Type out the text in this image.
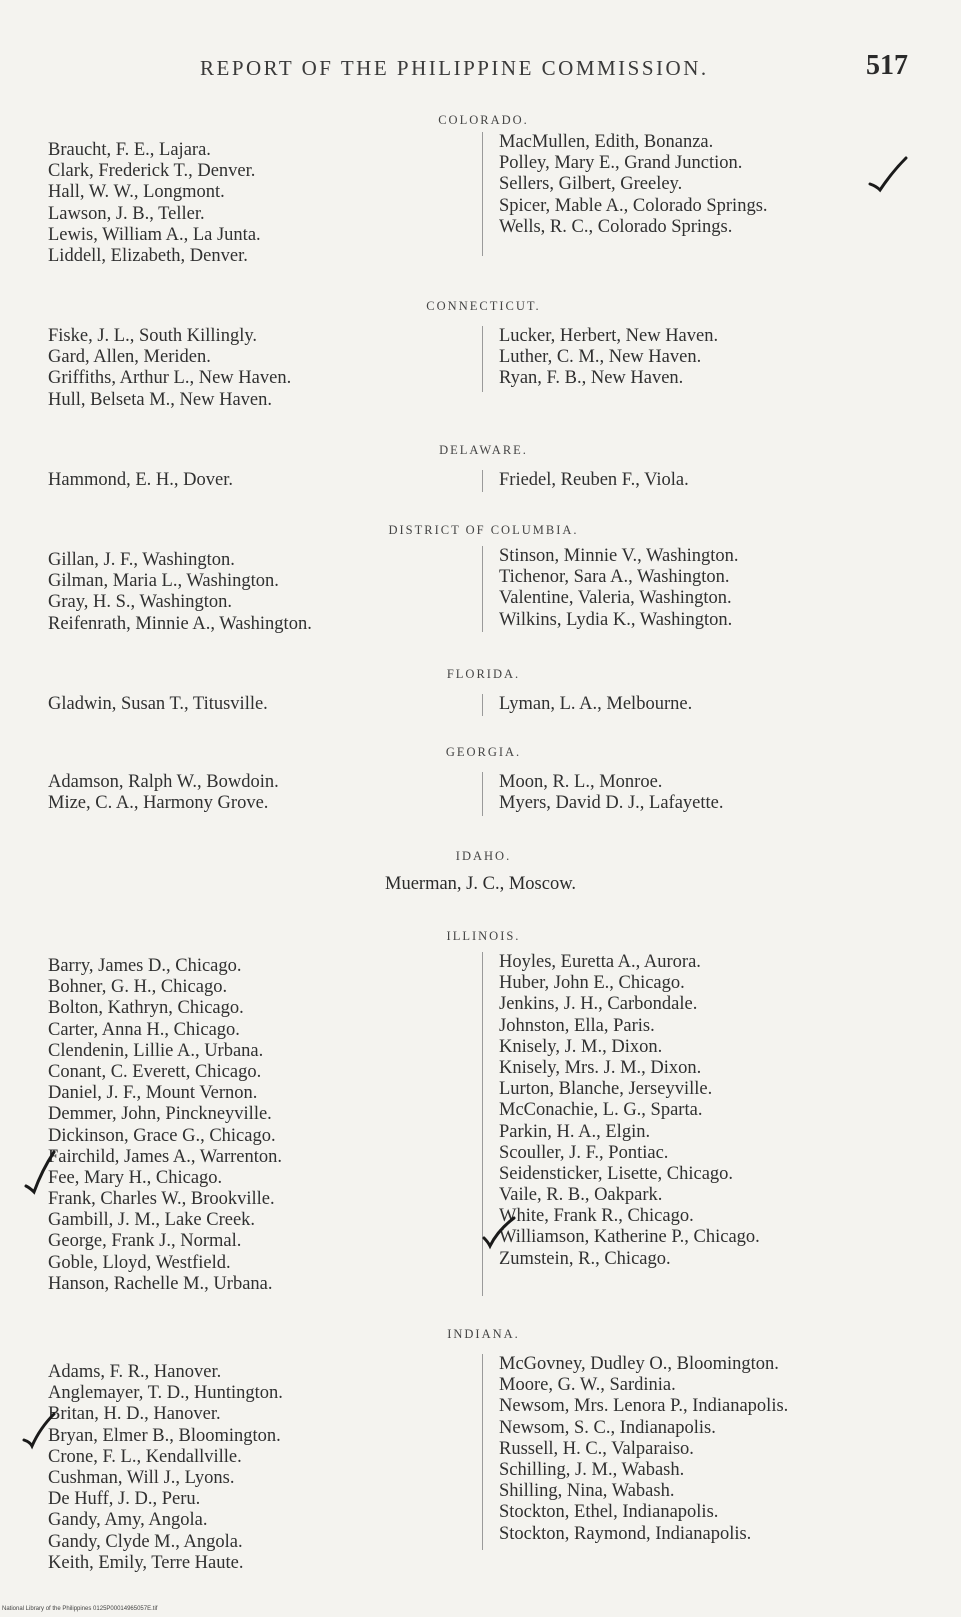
REPORT OF THE PHILIPPINE COMMISSION.	517
COLORADO.
Braucht, F. E., Lajara.
Clark, Frederick T., Denver.
Hall, W. W., Longmont.
Lawson, J. B., Teller.
Lewis, William A., La Junta.
Liddell, Elizabeth, Denver.
MacMullen, Edith, Bonanza.
Polley, Mary E., Grand Junction.
Sellers, Gilbert, Greeley.
Spicer, Mable A., Colorado Springs.
Wells, R. C., Colorado Springs.
CONNECTICUT.
Fiske, J. L., South Killingly.
Gard, Allen, Meriden.
Griffiths, Arthur L., New Haven.
Hull, Belseta M., New Haven.
Lucker, Herbert, New Haven.
Luther, C. M., New Haven.
Ryan, F. B., New Haven.
DELAWARE.
Hammond, E. H., Dover.	Friedel, Reuben F., Viola.
DISTRICT OF COLUMBIA.
Gillan, J. F., Washington.
Gilman, Maria L., Washington.
Gray, H. S., Washington.
Reifenrath, Minnie A., Washington.
Stinson, Minnie V., Washington.
Tichenor, Sara A., Washington.
Valentine, Valeria, Washington.
Wilkins, Lydia K., Washington.
FLORIDA.
Gladwin, Susan T., Titusville.	Lyman, L. A., Melbourne.
GEORGIA.
Adamson, Ralph W., Bowdoin.
Mize, C. A., Harmony Grove.
Moon, R. L., Monroe.
Myers, David D. J., Lafayette.
IDAHO.
Muerman, J. C., Moscow.
ILLINOIS.
Barry, James D., Chicago.
Bohner, G. H., Chicago.
Bolton, Kathryn, Chicago.
Carter, Anna H., Chicago.
Clendenin, Lillie A., Urbana.
Conant, C. Everett, Chicago.
Daniel, J. F., Mount Vernon.
Demmer, John, Pinckneyville.
Dickinson, Grace G., Chicago.
Fairchild, James A., Warrenton.
Fee, Mary H., Chicago.
Frank, Charles W., Brookville.
Gambill, J. M., Lake Creek.
George, Frank J., Normal.
Goble, Lloyd, Westfield.
Hanson, Rachelle M., Urbana.
Hoyles, Euretta A., Aurora.
Huber, John E., Chicago.
Jenkins, J. H., Carbondale.
Johnston, Ella, Paris.
Knisely, J. M., Dixon.
Knisely, Mrs. J. M., Dixon.
Lurton, Blanche, Jerseyville.
McConachie, L. G., Sparta.
Parkin, H. A., Elgin.
Scouller, J. F., Pontiac.
Seidensticker, Lisette, Chicago.
Vaile, R. B., Oakpark.
White, Frank R., Chicago.
Williamson, Katherine P., Chicago.
Zumstein, R., Chicago.
INDIANA.
Adams, F. R., Hanover.
Anglemayer, T. D., Huntington.
Britan, H. D., Hanover.
Bryan, Elmer B., Bloomington.
Crone, F. L., Kendallville.
Cushman, Will J., Lyons.
De Huff, J. D., Peru.
Gandy, Amy, Angola.
Gandy, Clyde M., Angola.
Keith, Emily, Terre Haute.
McGovney, Dudley O., Bloomington.
Moore, G. W., Sardinia.
Newsom, Mrs. Lenora P., Indianapolis.
Newsom, S. C., Indianapolis.
Russell, H. C., Valparaiso.
Schilling, J. M., Wabash.
Shilling, Nina, Wabash.
Stockton, Ethel, Indianapolis.
Stockton, Raymond, Indianapolis.
National Library of the Philippines 0125P00014965057E.tif
